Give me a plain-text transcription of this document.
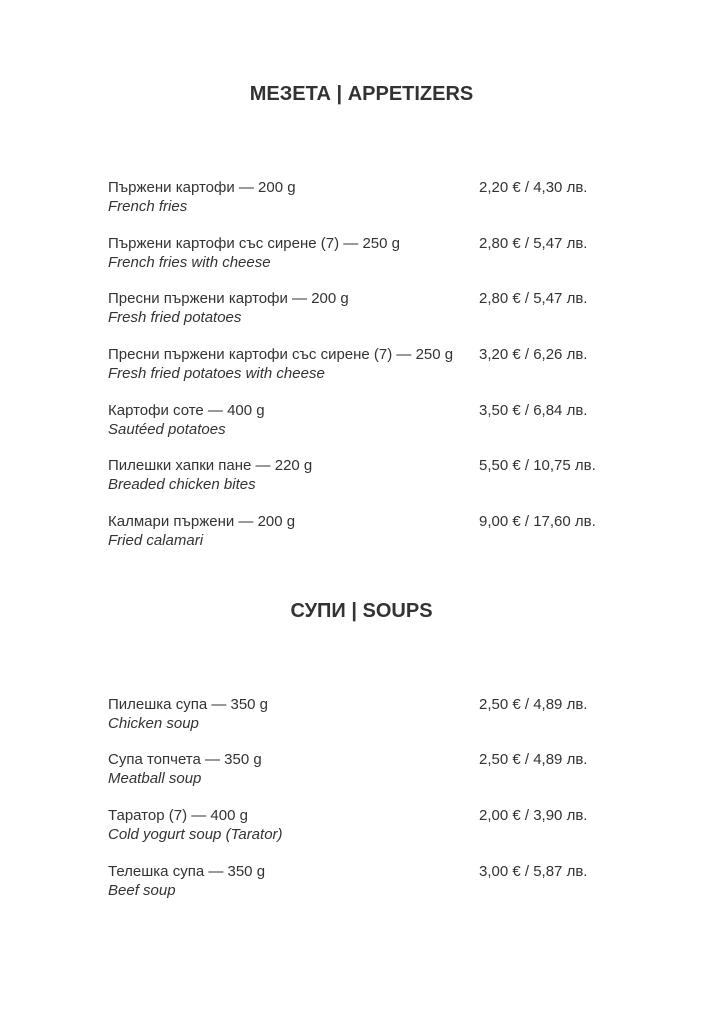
МЕЗЕТА | APPETIZERS
Пържени картофи — 200 g
French fries
2,20 € / 4,30 лв.
Пържени картофи със сирене (7) — 250 g
French fries with cheese
2,80 € / 5,47 лв.
Пресни пържени картофи — 200 g
Fresh fried potatoes
2,80 € / 5,47 лв.
Пресни пържени картофи със сирене (7) — 250 g
Fresh fried potatoes with cheese
3,20 € / 6,26 лв.
Картофи соте — 400 g
Sautéed potatoes
3,50 € / 6,84 лв.
Пилешки хапки пане — 220 g
Breaded chicken bites
5,50 € / 10,75 лв.
Калмари пържени — 200 g
Fried calamari
9,00 € / 17,60 лв.
СУПИ | SOUPS
Пилешка супа — 350 g
Chicken soup
2,50 € / 4,89 лв.
Супа топчета — 350 g
Meatball soup
2,50 € / 4,89 лв.
Таратор (7) — 400 g
Cold yogurt soup (Tarator)
2,00 € / 3,90 лв.
Телешка супа — 350 g
Beef soup
3,00 € / 5,87 лв.
